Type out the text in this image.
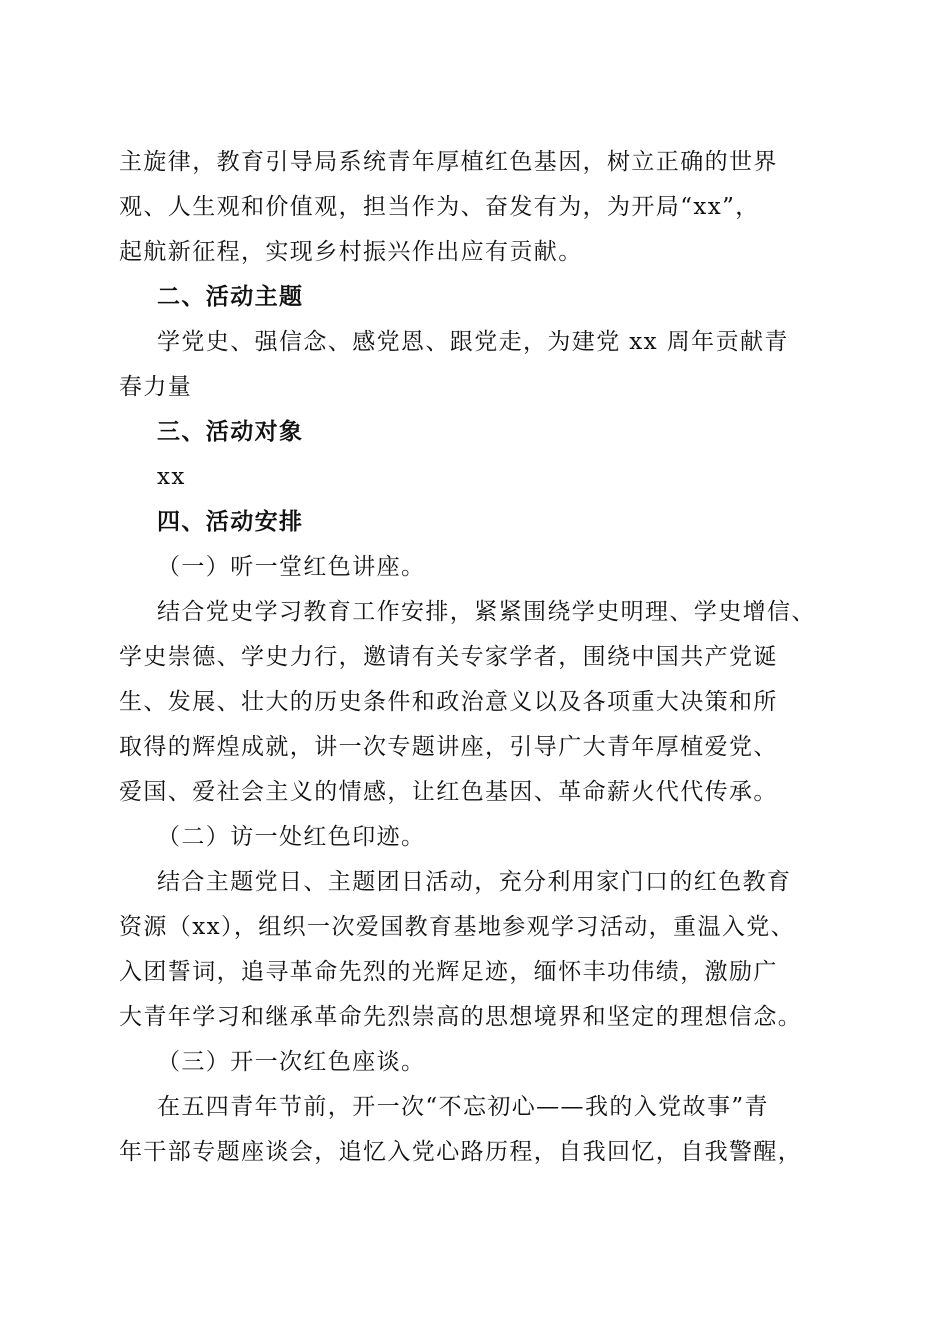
主旋律，教育引导局系统青年厚植红色基因，树立正确的世界
观、人生观和价值观，担当作为、奋发有为，为开局“xx”，
起航新征程，实现乡村振兴作出应有贡献。

二、活动主题

学党史、强信念、感党恩、跟党走，为建党 xx 周年贡献青
春力量

三、活动对象

xx

四、活动安排

（一）听一堂红色讲座。

结合党史学习教育工作安排，紧紧围绕学史明理、学史增信、
学史崇德、学史力行，邀请有关专家学者，围绕中国共产党诞
生、发展、壮大的历史条件和政治意义以及各项重大决策和所
取得的辉煌成就，讲一次专题讲座，引导广大青年厚植爱党、
爱国、爱社会主义的情感，让红色基因、革命薪火代代传承。

（二）访一处红色印迹。

结合主题党日、主题团日活动，充分利用家门口的红色教育
资源（xx），组织一次爱国教育基地参观学习活动，重温入党、
入团誓词，追寻革命先烈的光辉足迹，缅怀丰功伟绩，激励广
大青年学习和继承革命先烈崇高的思想境界和坚定的理想信念。

（三）开一次红色座谈。

在五四青年节前，开一次“不忘初心——我的入党故事”青
年干部专题座谈会，追忆入党心路历程，自我回忆，自我警醒，
